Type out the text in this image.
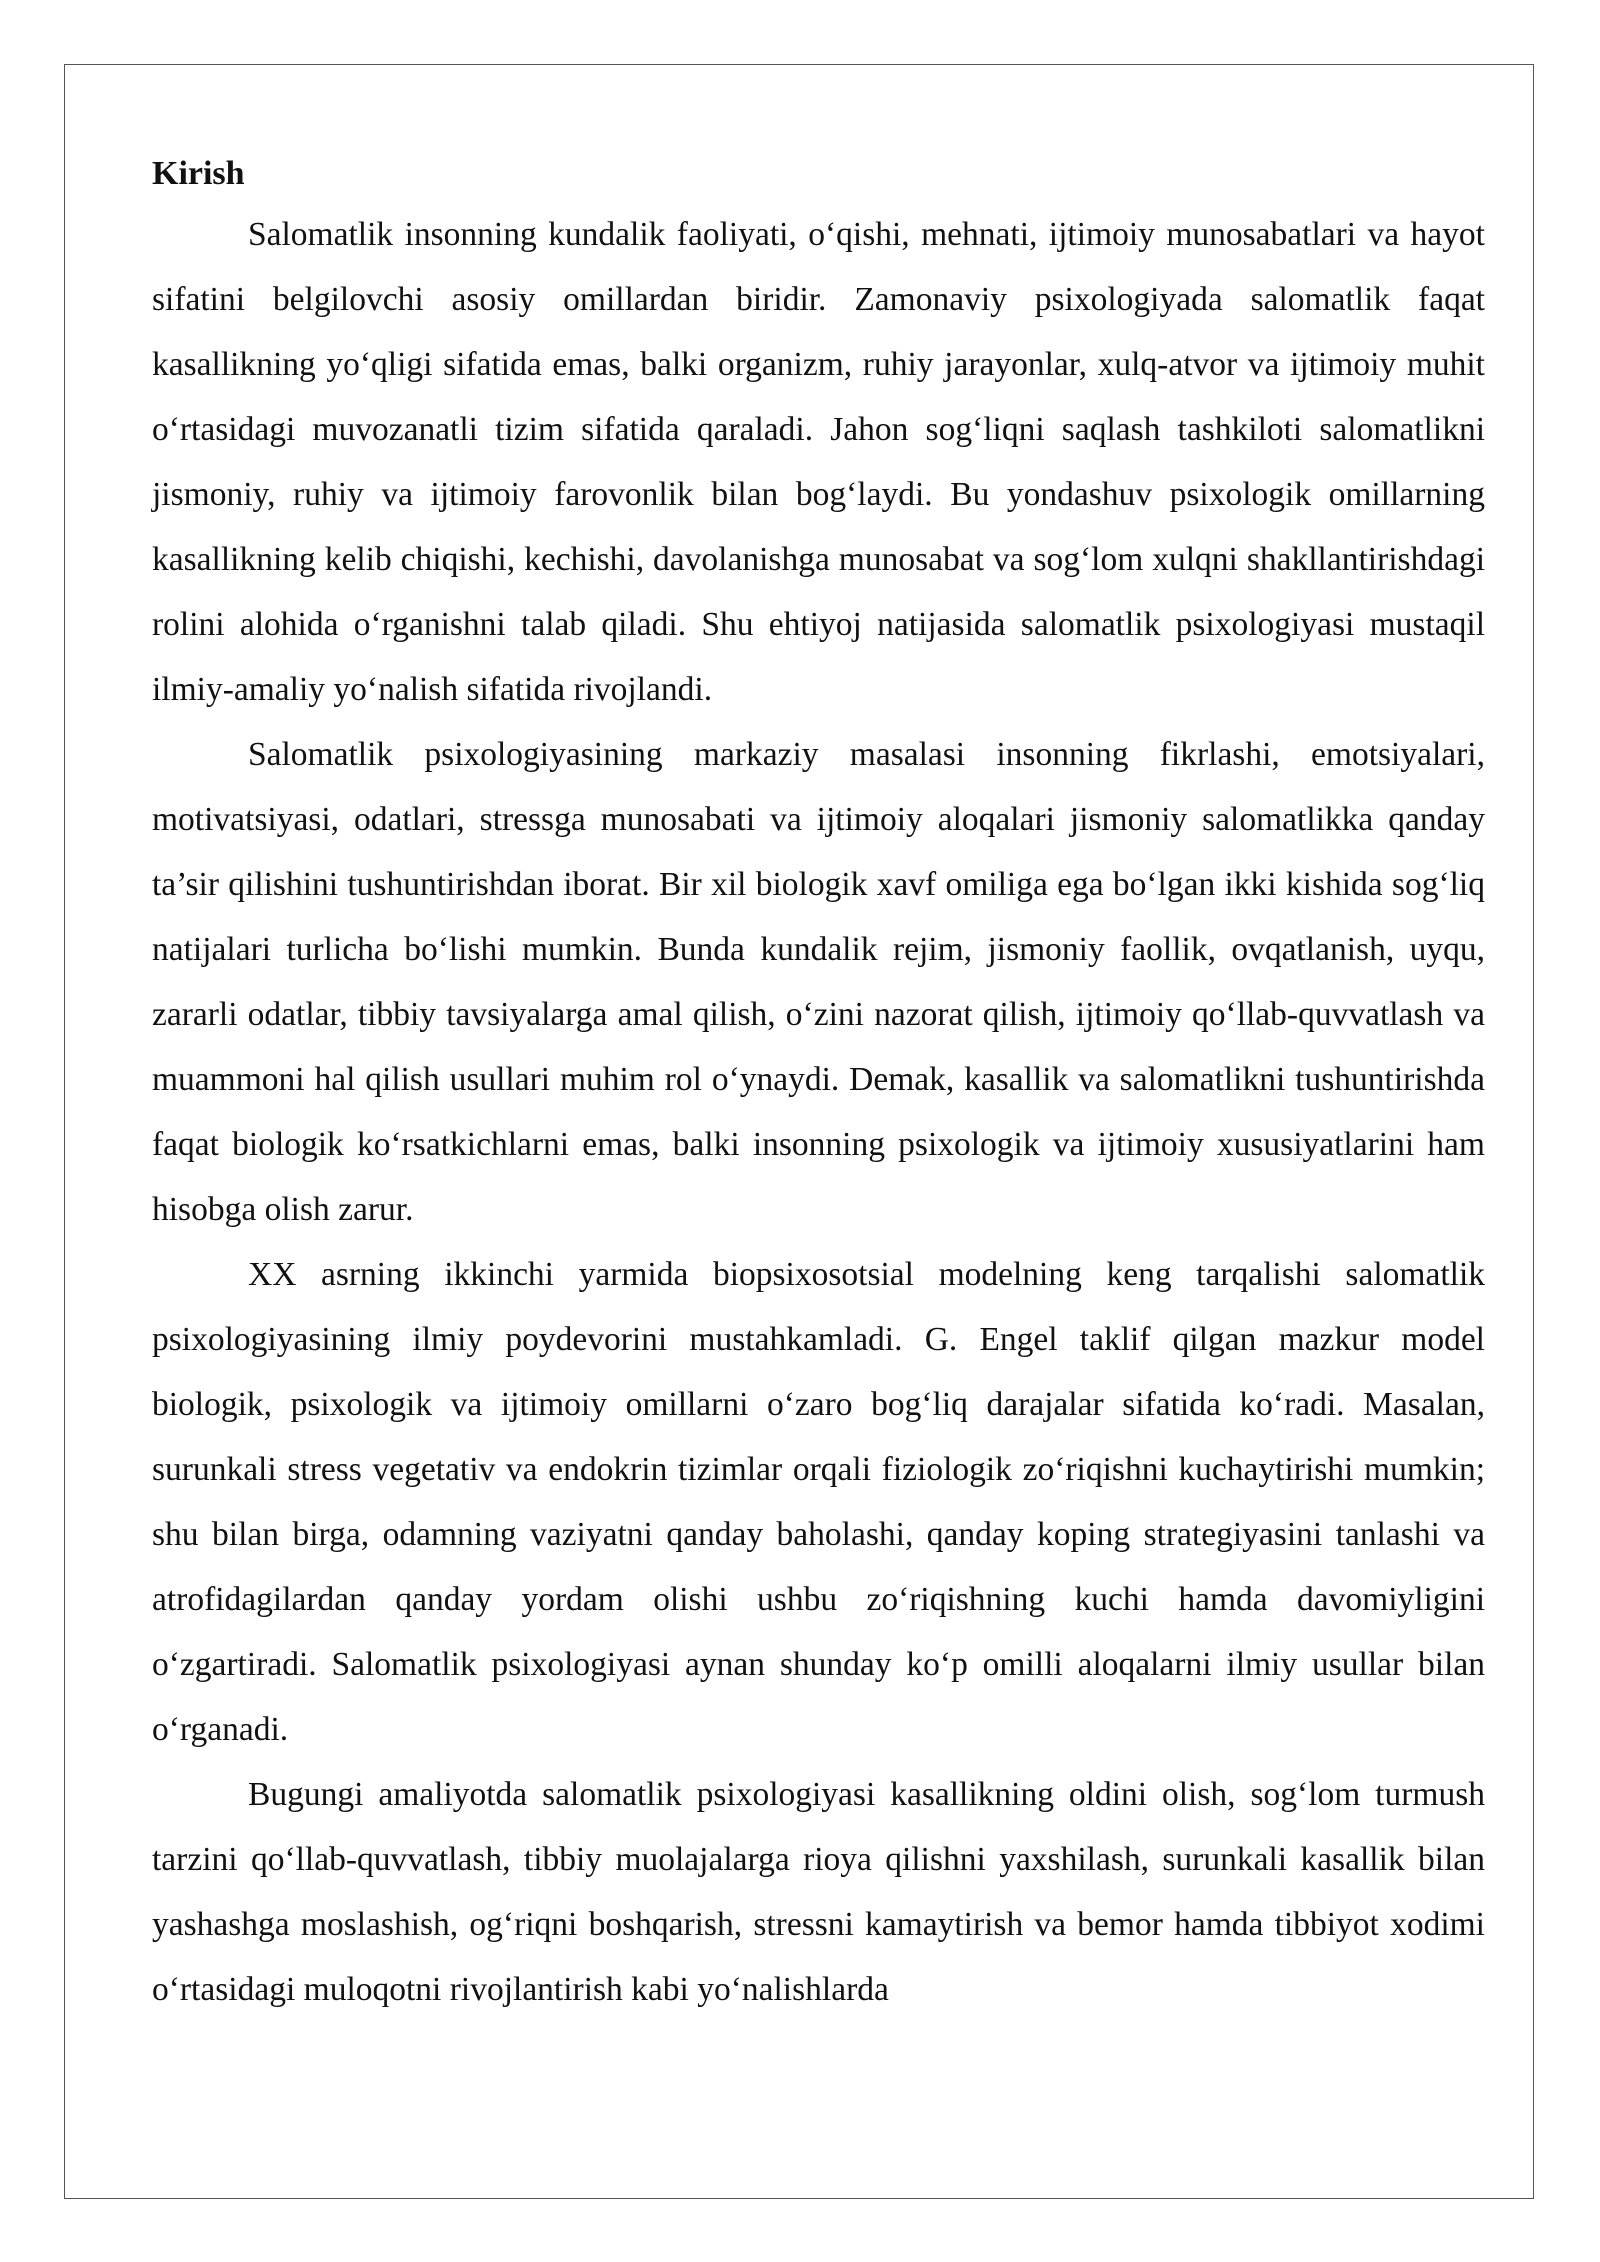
Kirish

Salomatlik insonning kundalik faoliyati, o‘qishi, mehnati, ijtimoiy munosabatlari va hayot sifatini belgilovchi asosiy omillardan biridir. Zamonaviy psixologiyada salomatlik faqat kasallikning yo‘qligi sifatida emas, balki organizm, ruhiy jarayonlar, xulq-atvor va ijtimoiy muhit o‘rtasidagi muvozanatli tizim sifatida qaraladi. Jahon sog‘liqni saqlash tashkiloti salomatlikni jismoniy, ruhiy va ijtimoiy farovonlik bilan bog‘laydi. Bu yondashuv psixologik omillarning kasallikning kelib chiqishi, kechishi, davolanishga munosabat va sog‘lom xulqni shakllantirishdagi rolini alohida o‘rganishni talab qiladi. Shu ehtiyoj natijasida salomatlik psixologiyasi mustaqil ilmiy-amaliy yo‘nalish sifatida rivojlandi.

Salomatlik psixologiyasining markaziy masalasi insonning fikrlashi, emotsiyalari, motivatsiyasi, odatlari, stressga munosabati va ijtimoiy aloqalari jismoniy salomatlikka qanday ta’sir qilishini tushuntirishdan iborat. Bir xil biologik xavf omiliga ega bo‘lgan ikki kishida sog‘liq natijalari turlicha bo‘lishi mumkin. Bunda kundalik rejim, jismoniy faollik, ovqatlanish, uyqu, zararli odatlar, tibbiy tavsiyalarga amal qilish, o‘zini nazorat qilish, ijtimoiy qo‘llab-quvvatlash va muammoni hal qilish usullari muhim rol o‘ynaydi. Demak, kasallik va salomatlikni tushuntirishda faqat biologik ko‘rsatkichlarni emas, balki insonning psixologik va ijtimoiy xususiyatlarini ham hisobga olish zarur.

XX asrning ikkinchi yarmida biopsixosotsial modelning keng tarqalishi salomatlik psixologiyasining ilmiy poydevorini mustahkamladi. G. Engel taklif qilgan mazkur model biologik, psixologik va ijtimoiy omillarni o‘zaro bog‘liq darajalar sifatida ko‘radi. Masalan, surunkali stress vegetativ va endokrin tizimlar orqali fiziologik zo‘riqishni kuchaytirishi mumkin; shu bilan birga, odamning vaziyatni qanday baholashi, qanday koping strategiyasini tanlashi va atrofidagilardan qanday yordam olishi ushbu zo‘riqishning kuchi hamda davomiyligini o‘zgartiradi. Salomatlik psixologiyasi aynan shunday ko‘p omilli aloqalarni ilmiy usullar bilan o‘rganadi.

Bugungi amaliyotda salomatlik psixologiyasi kasallikning oldini olish, sog‘lom turmush tarzini qo‘llab-quvvatlash, tibbiy muolajalarga rioya qilishni yaxshilash, surunkali kasallik bilan yashashga moslashish, og‘riqni boshqarish, stressni kamaytirish va bemor hamda tibbiyot xodimi o‘rtasidagi muloqotni rivojlantirish kabi yo‘nalishlarda
